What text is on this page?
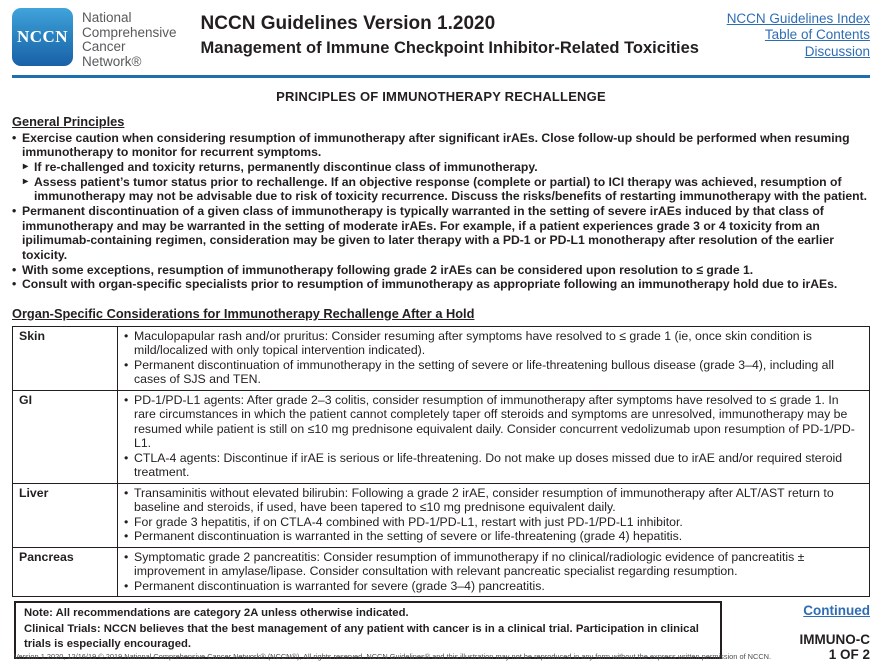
NCCN
National
Comprehensive
Cancer
Network®
NCCN Guidelines Version 1.2020
Management of Immune Checkpoint Inhibitor-Related Toxicities
NCCN Guidelines Index
Table of Contents
Discussion
PRINCIPLES OF IMMUNOTHERAPY RECHALLENGE
General Principles
• Exercise caution when considering resumption of immunotherapy after significant irAEs. Close follow-up should be performed when resuming immunotherapy to monitor for recurrent symptoms.
▸ If re-challenged and toxicity returns, permanently discontinue class of immunotherapy.
▸ Assess patient’s tumor status prior to rechallenge. If an objective response (complete or partial) to ICI therapy was achieved, resumption of immunotherapy may not be advisable due to risk of toxicity recurrence. Discuss the risks/benefits of restarting immunotherapy with the patient.
• Permanent discontinuation of a given class of immunotherapy is typically warranted in the setting of severe irAEs induced by that class of immunotherapy and may be warranted in the setting of moderate irAEs. For example, if a patient experiences grade 3 or 4 toxicity from an ipilimumab-containing regimen, consideration may be given to later therapy with a PD-1 or PD-L1 monotherapy after resolution of the earlier toxicity.
• With some exceptions, resumption of immunotherapy following grade 2 irAEs can be considered upon resolution to ≤ grade 1.
• Consult with organ-specific specialists prior to resumption of immunotherapy as appropriate following an immunotherapy hold due to irAEs.
Organ-Specific Considerations for Immunotherapy Rechallenge After a Hold
Skin	• Maculopapular rash and/or pruritus: Consider resuming after symptoms have resolved to ≤ grade 1 (ie, once skin condition is mild/localized with only topical intervention indicated).
• Permanent discontinuation of immunotherapy in the setting of severe or life-threatening bullous disease (grade 3–4), including all cases of SJS and TEN.

GI	• PD-1/PD-L1 agents: After grade 2–3 colitis, consider resumption of immunotherapy after symptoms have resolved to ≤ grade 1. In rare circumstances in which the patient cannot completely taper off steroids and symptoms are unresolved, immunotherapy may be resumed while patient is still on ≤10 mg prednisone equivalent daily. Consider concurrent vedolizumab upon resumption of PD-1/PD-L1.
• CTLA-4 agents: Discontinue if irAE is serious or life-threatening. Do not make up doses missed due to irAE and/or required steroid treatment.

Liver	• Transaminitis without elevated bilirubin: Following a grade 2 irAE, consider resumption of immunotherapy after ALT/AST return to baseline and steroids, if used, have been tapered to ≤10 mg prednisone equivalent daily.
• For grade 3 hepatitis, if on CTLA-4 combined with PD-1/PD-L1, restart with just PD-1/PD-L1 inhibitor.
• Permanent discontinuation is warranted in the setting of severe or life-threatening (grade 4) hepatitis.

Pancreas	• Symptomatic grade 2 pancreatitis: Consider resumption of immunotherapy if no clinical/radiologic evidence of pancreatitis ± improvement in amylase/lipase. Consider consultation with relevant pancreatic specialist regarding resumption.
• Permanent discontinuation is warranted for severe (grade 3–4) pancreatitis.
Note: All recommendations are category 2A unless otherwise indicated.
Clinical Trials: NCCN believes that the best management of any patient with cancer is in a clinical trial. Participation in clinical trials is especially encouraged.
Continued
IMMUNO-C
1 OF 2
Version 1.2020, 12/16/19 © 2019 National Comprehensive Cancer Network® (NCCN®), All rights reserved. NCCN Guidelines® and this illustration may not be reproduced in any form without the express written permission of NCCN.
